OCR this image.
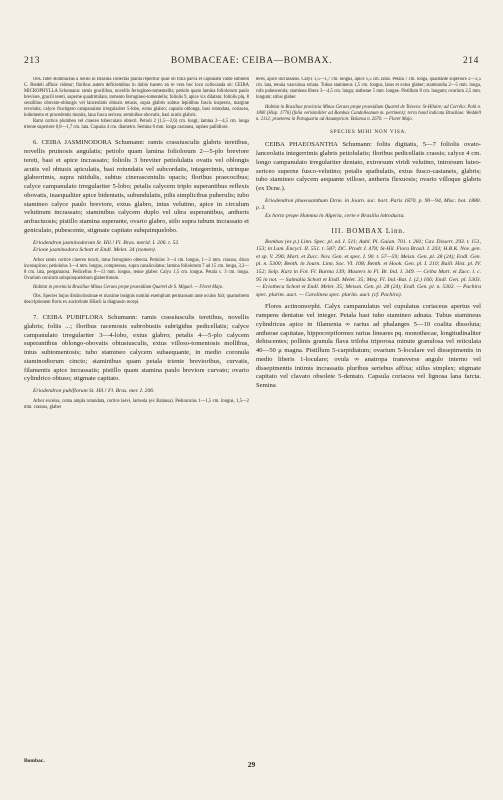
213	BOMBACEAE: CEIBA—BOMBAX.	214

Obs. Inter Bombaceas a Sellio in Brasilia collectas planta reperitur quae ob folia parva et capsulam valde similem C. Riedeli affinis videtur; floribus autem deficientibus in dubio haereo an re vera hoc loco collocanda sit: CEIBA MICROPHYLLA Schumann: ramis gracilibus, novellis ferrugineo-tomentellis; petiolo quam lamina foliolorum paulo breviore, gracili tereti, superne quadrimilato, tomento ferrugineo-tomentello; foliolis 9, apice vix dilatato; foliolis plq. 8 sessilibus obovato-oblongis vel lanceolatis obtusis retusis, supra glabris subtus lepidibus fuscis inspersis, margine revolutis; calyce fructigero campanulato irregulariter 5-lobo, extus glabro; capsula oblonga, basi rotundata, coriacea, indumento et procedentis munita, lana fusca sericea; seminibus obovatis, basi acutis glabris.

Rami cortice plumbeo vel cinereo tuberculato obtecti. Petioli 2 (1,5—2,6) cm. longi; lamina 2—4,5 cm. longa triente superiore 0,8—1,7 cm. lata. Capsula 4 cm. diametro. Semina 6 mm. longa castanea, rapheo pallidiore.

6. CEIBA JASMINODORA Schumann: ramis crassiusculis glabris teretibus, novellis pruinosis angulatis; petiolo quam lamina foliolorum 2—5-plo breviore tereti, basi et apice incrassato; foliolis 3 breviter petiolulatis ovatis vel oblongis acutis vel obtusis apiculatis, basi rotundatis vel subcordatis, integerrimis, utrinque glaberrimis, supra nitidulis, subtus cinerascentulis opacis; floribus praecocibus; calyce campanulato irregulariter 5-lobo; petalis calycem triplo superantibus reflexis obovatis, inaequaliter apice bidentatis, subundulatis, pilis simplicibus puberulis; tubo stamineo calyce paulo breviore, extus glabro, intus velutino, apice in circulum velutinum incrassato; staminibus calycem duplo vel ultra superantibus, antheris anfractuosis; pistillo stamina superante, ovario glabro, stilo supra tubum incrassato et geniculato, pubescente, stigmate capitato subquinquelobo.

Eriodendron jasminodorum St. Hil.! Fl. Bras. merid. I. 206. t. 52.

Erione jasminodora Schott et Endl. Melet. 34 (nomen).

Arbor ramis cortice cinereo tuncti, intus ferrugineo obtecta. Petiolus 3—4 cm. longus, 1—2 mm. crassus, disco inconspicuo; petiolulus 3—4 mm. longus, compressus, supra canaliculatus; lamina foliolorum 7 ad 15 cm. longa, 3,2—8 cm. lata, pergamacea. Pedicellus 9—13 mm. longus, tenue glaber. Calyx 1,5 cm. longus. Petala c. 3 cm. longa. Ovarium conicum subquinquelobum glaberrimum.

Habitat in provincia Brasiliae Minas Geraes prope praesidium Quartel de S. Miguel. — Floret Majo.

Obs. Species hujus distinctissimae et maxime insignis nomini exemplum permansum ante oculos fuit; quamobrem descriptionem floris ex auctoritate Hilarii ia diagnosin recepi.

7. CEIBA PUBIFLORA Schumann: ramis crassiusculis teretibus, novellis glabris; foliis ...; floribus racemosis subrobustis subrigidus pedicellatis; calyce campanulato irregulariter 3—4-lobo, extus glabro; petalis 4—5-plo calycem superantibus oblongo-obovatis obtusiusculis, extus villoso-tomentosis mollibus, intus subtomentosis; tubo stamineo calycem subaequante, in medio coronula staminodiorum cincto; staminibus quam petala triente brevioribus, curvatis, filamentis apice incrassatis; pistillo quam stamina paulo breviore curvato; ovario cylindrico obtuso; stigmate capitato.

Eriodendron pubiflorum St. Hil.! Fl. Bras. mer. I. 206.

Arbor excelsa, coma ampla rotundata, cortice laevi, lacteola (ex Balansa). Pedunculus 1—1,5 cm. longus, 1,5—2 mm. crassus, glaber

teres, apice incrassatus. Calyx 1,5—1,7 cm. longus, apice 1,5 cm. latus. Petala 7 cm. longa, quadrante superiore 2—2,5 cm. lata, tenuia vasculosa striata. Tubus stamineus 1,5 cm. longus, latus et extus glaber; staminodia 2—5 mm. longa, rufo pubescentia; staminea libera 3—4,5 cm. longa; antherae 5 mm. longae. Pistillum 8 cm. longum; ovarium 2,5 mm. longum; stilus glaber.

Habitat in Brasiliae provincia Minas Geraes prope praesidium Quartel de Teixera: St-Hilaire; ad Corrêio: Pohl n. 1860 (Hisp. 1776) (folia verisimiliter ad Bombax Candolleanum m. pertinent); terra hand indicata Brasiliae: Weddell n. 2112; praeterea in Paraguaria ad Assumpcion: Balansa n. 2670. — Floret Majo.

SPECIES MIHI NON VISA.

CEIBA PHAEOSANTHA Schumann: foliis digitatis, 5—7 foliolis ovato-lanceolatis integerrimis glabris petiolulatis; floribus pedicellatis crassis; calyce 4 cm. longo campanulato irregulariter dentato, extrorsum viridi velutino, introrsum luteo-sericeo superne fusco-velutino; petalis spathulatis, extus fusco-castaneis, glabris; tubo stamineo calycem aequante villoso, antheris flexuosis; ovario villoque glabris (ex Dcne.).

Eriodendron phaeosanthum Dcne. in Journ. soc. hort. Paris 1870. p. 90—94, Misc. bot. 1880. p. 3.

Ex horto prope Hamma in Algeria, certe e Brasilia introducta.

III. BOMBAX Linn.

Bombax (ex p.) Linn. Spec. pl. ed. I. 511; Aubl. Pl. Guian. 701. t. 281; Cav. Dissert. 293. t. 151, 153; in Lam. Encycl. II. 551. t. 587; DC. Prodr. I. 478; St-Hil. Flora Brasil. I. 203; H.B.K. Nov. gen. et sp. V. 296; Mart. et Zucc. Nov. Gen. et spec. I. 90. t. 57—59; Meisn. Gen. pl. 28 (24); Endl. Gen. pl. n. 5300; Benth. in Journ. Linn. Soc. VI. 108; Benth. et Hook. Gen. pl. I. 210; Baill. Hist. pl. IV. 152; Solp. Kurz in For. Fl. Burma 139; Masters in Fl. Br. Ind. I. 349. — Ceiba Mart. et Zucc. l. c. 95 in not. — Salmalia Schott et Endl. Melet. 35; Meq. Fl. Ind.-Bat. I. (2.) 166; Endl. Gen. pl. 5303. — Eriotheca Schott et Endl. Melet. 35; Meissn. Gen. pl. 28 (24); Endl. Gen. pl. n. 5302. — Pachira spec. plurim. auct. — Carolinea spec. plurim. auct. (cf. Pachira).

Flores actinomorphi. Calyx campanulatus vel cupulatus coriaceus apertus vel rumpens dentatus vel integer. Petala basi tubo stamineo adnata. Tubus stamineus cylindricus apice in filamenta ∞ rarius ad phalanges 5—10 coalita dissoluta; antherae capitatae, hippocrepiformes rarius lineares pq. monothecae, longitudinaliter dehiscentes; pollinis granula flava triloba triporosa minute granulosa vel reticulata 40—50 μ magna. Pistillum 5-carpidiatum; ovarium 5-loculare vel dissepimentis in medio liberis 1-loculare; ovula ∞ anatropa transverse angulo interno vel dissepimentis intimis incrassatis pluribus seriebus affixa; stilus simplex; stigmate capitato vel clavato obsolete 5-dentato. Capsula coriacea vel lignosa lana farcta. Semina

Bombac.	29
